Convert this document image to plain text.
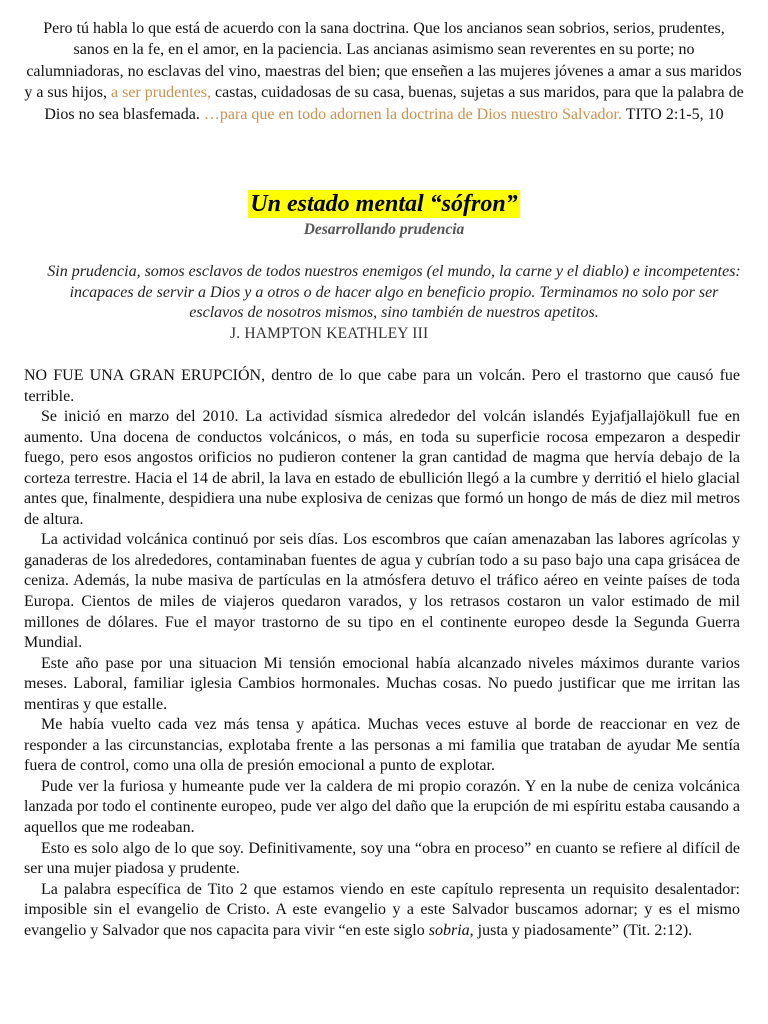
Pero tú habla lo que está de acuerdo con la sana doctrina. Que los ancianos sean sobrios, serios, prudentes, sanos en la fe, en el amor, en la paciencia. Las ancianas asimismo sean reverentes en su porte; no calumniadoras, no esclavas del vino, maestras del bien; que enseñen a las mujeres jóvenes a amar a sus maridos y a sus hijos, a ser prudentes, castas, cuidadosas de su casa, buenas, sujetas a sus maridos, para que la palabra de Dios no sea blasfemada. …para que en todo adornen la doctrina de Dios nuestro Salvador. TITO 2:1-5, 10
Un estado mental “sófron”
Desarrollando prudencia
Sin prudencia, somos esclavos de todos nuestros enemigos (el mundo, la carne y el diablo) e incompetentes: incapaces de servir a Dios y a otros o de hacer algo en beneficio propio. Terminamos no solo por ser esclavos de nosotros mismos, sino también de nuestros apetitos.
J. HAMPTON KEATHLEY III

NO FUE UNA GRAN ERUPCIÓN, dentro de lo que cabe para un volcán. Pero el trastorno que causó fue terrible.

Se inició en marzo del 2010. La actividad sísmica alrededor del volcán islandés Eyjafjallajökull fue en aumento. Una docena de conductos volcánicos, o más, en toda su superficie rocosa empezaron a despedir fuego, pero esos angostos orificios no pudieron contener la gran cantidad de magma que hervía debajo de la corteza terrestre. Hacia el 14 de abril, la lava en estado de ebullición llegó a la cumbre y derritió el hielo glacial antes que, finalmente, despidiera una nube explosiva de cenizas que formó un hongo de más de diez mil metros de altura.

La actividad volcánica continuó por seis días. Los escombros que caían amenazaban las labores agrícolas y ganaderas de los alrededores, contaminaban fuentes de agua y cubrían todo a su paso bajo una capa grisácea de ceniza. Además, la nube masiva de partículas en la atmósfera detuvo el tráfico aéreo en veinte países de toda Europa. Cientos de miles de viajeros quedaron varados, y los retrasos costaron un valor estimado de mil millones de dólares. Fue el mayor trastorno de su tipo en el continente europeo desde la Segunda Guerra Mundial.

Este año pase por una situacion Mi tensión emocional había alcanzado niveles máximos durante varios meses. Laboral, familiar iglesia Cambios hormonales. Muchas cosas. No puedo justificar que me irritan las mentiras y que estalle.

Me había vuelto cada vez más tensa y apática. Muchas veces estuve al borde de reaccionar en vez de responder a las circunstancias, explotaba frente a las personas a mi familia que trataban de ayudar Me sentía fuera de control, como una olla de presión emocional a punto de explotar.

Pude ver la furiosa y humeante pude ver la caldera de mi propio corazón. Y en la nube de ceniza volcánica lanzada por todo el continente europeo, pude ver algo del daño que la erupción de mi espíritu estaba causando a aquellos que me rodeaban.

Esto es solo algo de lo que soy. Definitivamente, soy una “obra en proceso” en cuanto se refiere al difícil de ser una mujer piadosa y prudente.

La palabra específica de Tito 2 que estamos viendo en este capítulo representa un requisito desalentador: imposible sin el evangelio de Cristo. A este evangelio y a este Salvador buscamos adornar; y es el mismo evangelio y Salvador que nos capacita para vivir “en este siglo sobria, justa y piadosamente” (Tit. 2:12).
